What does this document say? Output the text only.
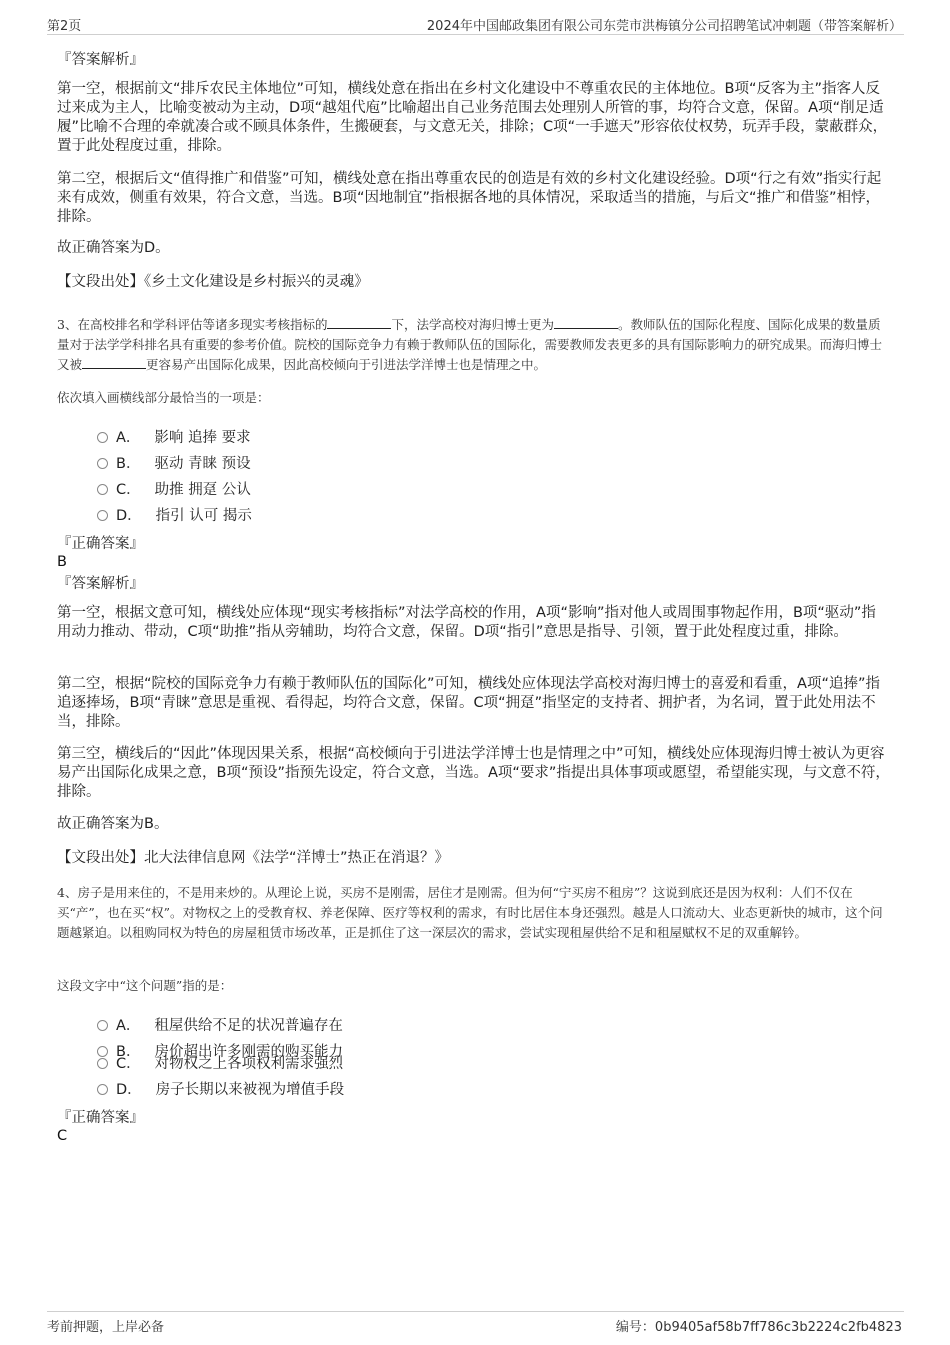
第2页	2024年中国邮政集团有限公司东莞市洪梅镇分公司招聘笔试冲刺题（带答案解析）
『答案解析』

第一空，根据前文“排斥农民主体地位”可知，横线处意在指出在乡村文化建设中不尊重农民的主体地位。B项“反客为主”指客人反过来成为主人，比喻变被动为主动，D项“越俎代庖”比喻超出自己业务范围去处理别人所管的事，均符合文意，保留。A项“削足适履”比喻不合理的牵就凑合或不顾具体条件，生搬硬套，与文意无关，排除；C项“一手遮天”形容依仗权势，玩弄手段，蒙蔽群众，置于此处程度过重，排除。

第二空，根据后文“值得推广和借鉴”可知，横线处意在指出尊重农民的创造是有效的乡村文化建设经验。D项“行之有效”指实行起来有成效，侧重有效果，符合文意，当选。B项“因地制宜”指根据各地的具体情况，采取适当的措施，与后文“推广和借鉴”相悖，排除。

故正确答案为D。

【文段出处】《乡土文化建设是乡村振兴的灵魂》

3、在高校排名和学科评估等诸多现实考核指标的	下，法学高校对海归博士更为	。教师队伍的国际化程度、国际化成果的数量质量对于法学学科排名具有重要的参考价值。院校的国际竞争力有赖于教师队伍的国际化，需要教师发表更多的具有国际影响力的研究成果。而海归博士又被	更容易产出国际化成果，因此高校倾向于引进法学洋博士也是情理之中。

依次填入画横线部分最恰当的一项是：

A． 影响 追捧 要求
B． 驱动 青睐 预设
C． 助推 拥趸 公认
D． 指引 认可 揭示
『正确答案』
B
『答案解析』

第一空，根据文意可知，横线处应体现“现实考核指标”对法学高校的作用，A项“影响”指对他人或周围事物起作用，B项“驱动”指用动力推动、带动，C项“助推”指从旁辅助，均符合文意，保留。D项“指引”意思是指导、引领，置于此处程度过重，排除。

第二空，根据“院校的国际竞争力有赖于教师队伍的国际化”可知，横线处应体现法学高校对海归博士的喜爱和看重，A项“追捧”指追逐捧场，B项“青睐”意思是重视、看得起，均符合文意，保留。C项“拥趸”指坚定的支持者、拥护者，为名词，置于此处用法不当，排除。

第三空，横线后的“因此”体现因果关系，根据“高校倾向于引进法学洋博士也是情理之中”可知，横线处应体现海归博士被认为更容易产出国际化成果之意，B项“预设”指预先设定，符合文意，当选。A项“要求”指提出具体事项或愿望，希望能实现，与文意不符，排除。

故正确答案为B。

【文段出处】北大法律信息网《法学“洋博士”热正在消退？》

4、房子是用来住的，不是用来炒的。从理论上说，买房不是刚需，居住才是刚需。但为何“宁买房不租房”？这说到底还是因为权利：人们不仅在买“产”，也在买“权”。对物权之上的受教育权、养老保障、医疗等权利的需求，有时比居住本身还强烈。越是人口流动大、业态更新快的城市，这个问题越紧迫。以租购同权为特色的房屋租赁市场改革，正是抓住了这一深层次的需求，尝试实现租屋供给不足和租屋赋权不足的双重解钤。

这段文字中“这个问题”指的是：

A． 租屋供给不足的状况普遍存在
B． 房价超出许多刚需的购买能力
C． 对物权之上各项权利需求强烈
D． 房子长期以来被视为增值手段
『正确答案』
C
考前押题，上岸必备	编号：0b9405af58b7ff786c3b2224c2fb4823
